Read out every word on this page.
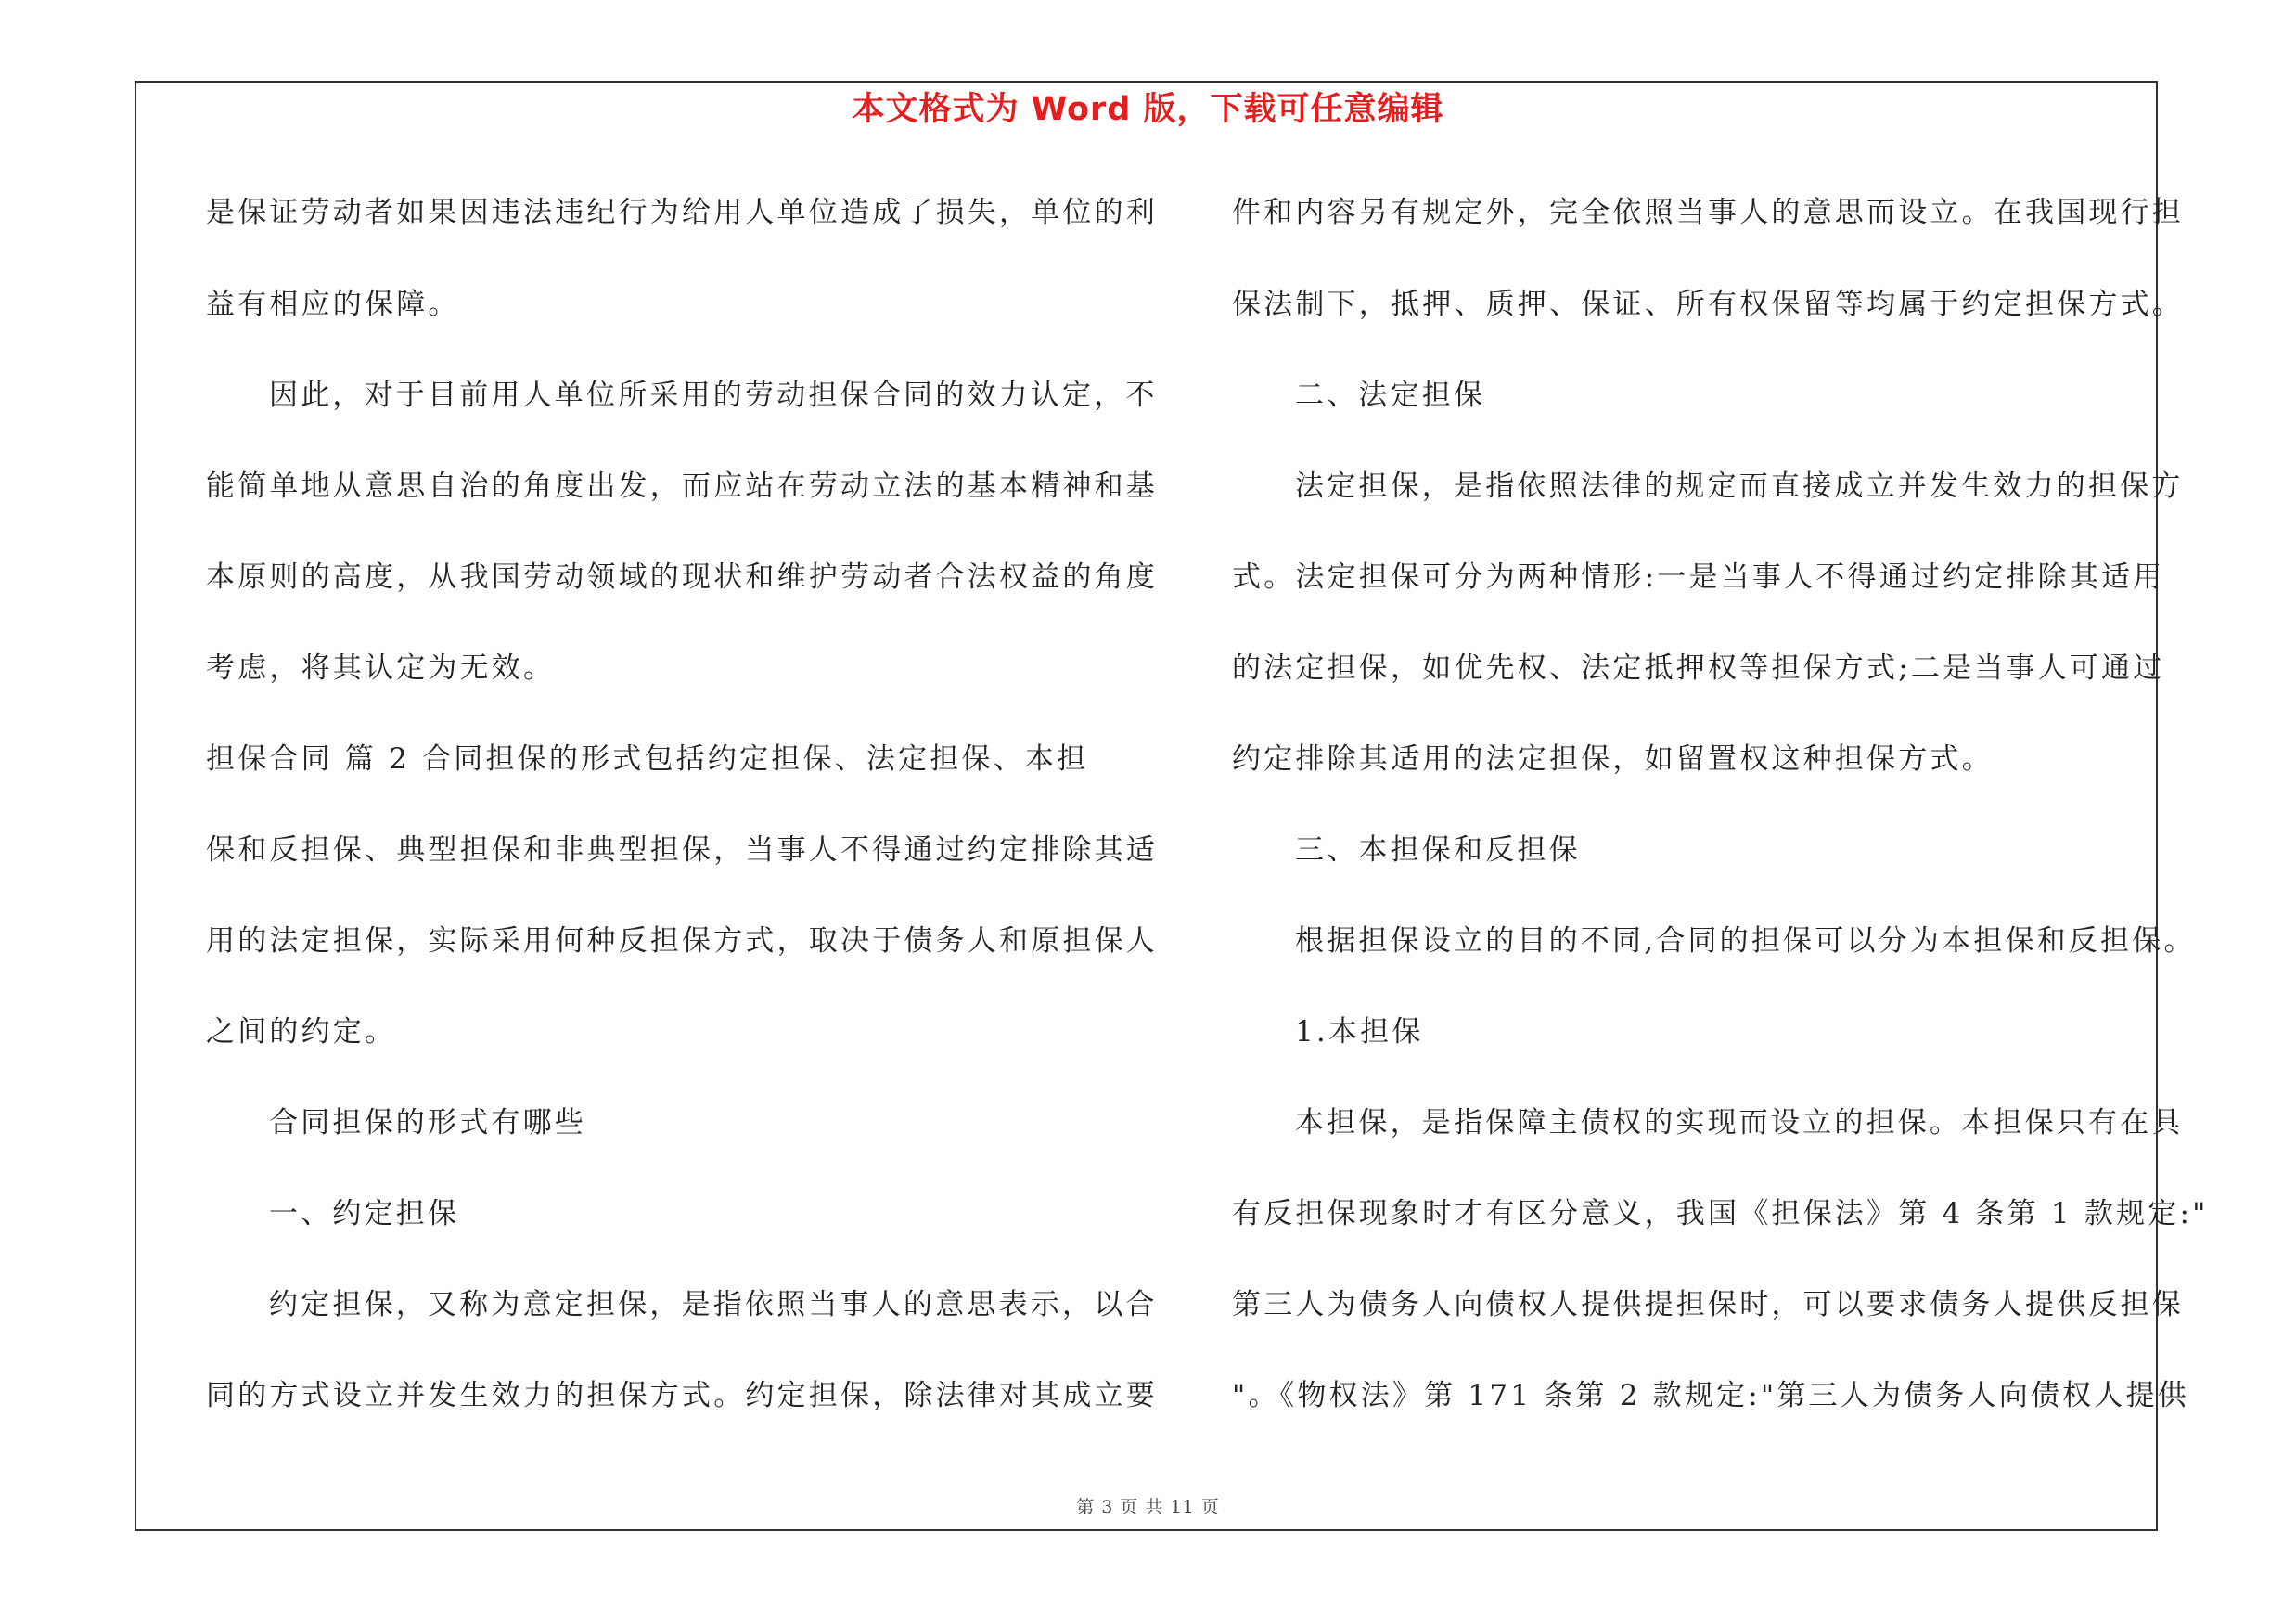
本文格式为 Word 版，下载可任意编辑
是保证劳动者如果因违法违纪行为给用人单位造成了损失，单位的利
益有相应的保障。
因此，对于目前用人单位所采用的劳动担保合同的效力认定，不
能简单地从意思自治的角度出发，而应站在劳动立法的基本精神和基
本原则的高度，从我国劳动领域的现状和维护劳动者合法权益的角度
考虑，将其认定为无效。
担保合同 篇 2 合同担保的形式包括约定担保、法定担保、本担
保和反担保、典型担保和非典型担保，当事人不得通过约定排除其适
用的法定担保，实际采用何种反担保方式，取决于债务人和原担保人
之间的约定。
合同担保的形式有哪些
一、约定担保
约定担保，又称为意定担保，是指依照当事人的意思表示，以合
同的方式设立并发生效力的担保方式。约定担保，除法律对其成立要
件和内容另有规定外，完全依照当事人的意思而设立。在我国现行担
保法制下，抵押、质押、保证、所有权保留等均属于约定担保方式。
二、法定担保
法定担保，是指依照法律的规定而直接成立并发生效力的担保方
式。法定担保可分为两种情形:一是当事人不得通过约定排除其适用
的法定担保，如优先权、法定抵押权等担保方式;二是当事人可通过
约定排除其适用的法定担保，如留置权这种担保方式。
三、本担保和反担保
根据担保设立的目的不同,合同的担保可以分为本担保和反担保。
1.本担保
本担保，是指保障主债权的实现而设立的担保。本担保只有在具
有反担保现象时才有区分意义，我国《担保法》第 4 条第 1 款规定:"
第三人为债务人向债权人提供提担保时，可以要求债务人提供反担保
"。《物权法》第 171 条第 2 款规定:"第三人为债务人向债权人提供
第 3 页 共 11 页
